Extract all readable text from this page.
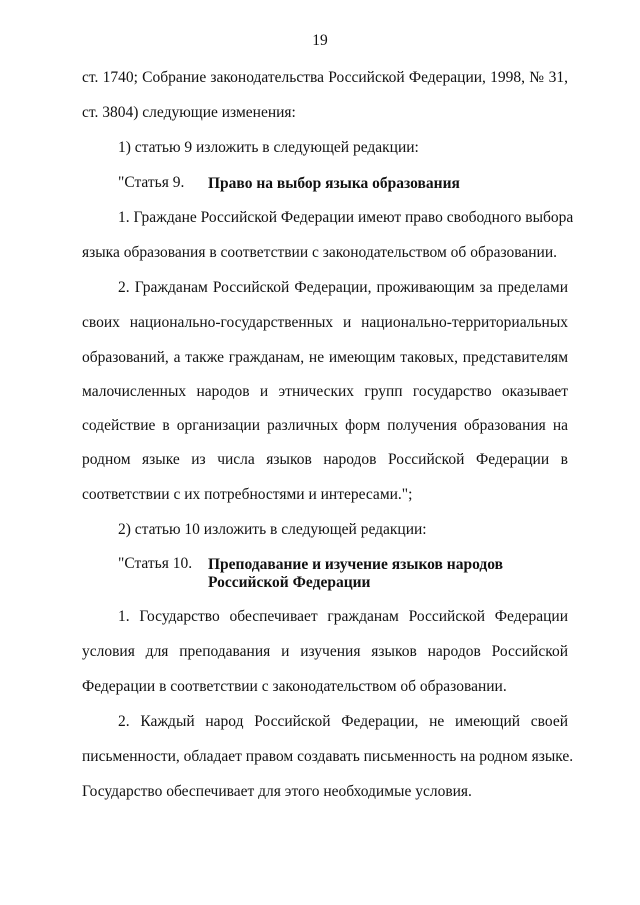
19
ст. 1740; Собрание законодательства Российской Федерации, 1998, № 31,
ст. 3804) следующие изменения:
1) статью 9 изложить в следующей редакции:
"Статья 9. Право на выбор языка образования
1. Граждане Российской Федерации имеют право свободного выбора
языка образования в соответствии с законодательством об образовании.
2. Гражданам Российской Федерации, проживающим за пределами
своих национально-государственных и национально-территориальных
образований, а также гражданам, не имеющим таковых, представителям
малочисленных народов и этнических групп государство оказывает
содействие в организации различных форм получения образования на
родном языке из числа языков народов Российской Федерации в
соответствии с их потребностями и интересами.";
2) статью 10 изложить в следующей редакции:
"Статья 10. Преподавание и изучение языков народов
Российской Федерации
1. Государство обеспечивает гражданам Российской Федерации
условия для преподавания и изучения языков народов Российской
Федерации в соответствии с законодательством об образовании.
2. Каждый народ Российской Федерации, не имеющий своей
письменности, обладает правом создавать письменность на родном языке.
Государство обеспечивает для этого необходимые условия.
